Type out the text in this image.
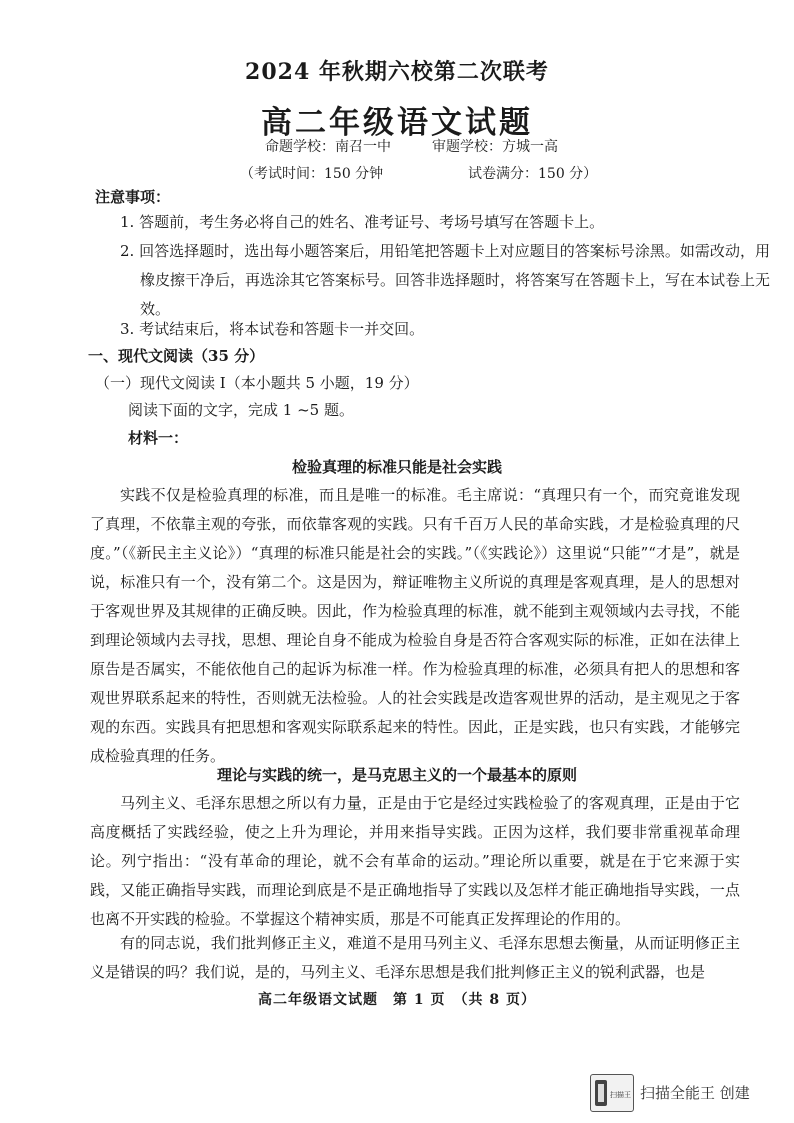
2024 年秋期六校第二次联考
高二年级语文试题
命题学校：南召一中	审题学校：方城一高
（考试时间：150 分钟	试卷满分：150 分）
注意事项：
1. 答题前，考生务必将自己的姓名、准考证号、考场号填写在答题卡上。
2. 回答选择题时，选出每小题答案后，用铅笔把答题卡上对应题目的答案标号涂黑。如需改动，用橡皮擦干净后，再选涂其它答案标号。回答非选择题时，将答案写在答题卡上，写在本试卷上无效。
3. 考试结束后，将本试卷和答题卡一并交回。
一、现代文阅读（35 分）
（一）现代文阅读 Ⅰ（本小题共 5 小题，19 分）
阅读下面的文字，完成 1 ~5 题。
材料一：
检验真理的标准只能是社会实践
实践不仅是检验真理的标准，而且是唯一的标准。毛主席说：“真理只有一个，而究竟谁发现了真理，不依靠主观的夸张，而依靠客观的实践。只有千百万人民的革命实践，才是检验真理的尺度。”（《新民主主义论》）“真理的标准只能是社会的实践。”（《实践论》）这里说“只能”“才是”，就是说，标准只有一个，没有第二个。这是因为，辩证唯物主义所说的真理是客观真理，是人的思想对于客观世界及其规律的正确反映。因此，作为检验真理的标准，就不能到主观领域内去寻找，不能到理论领域内去寻找，思想、理论自身不能成为检验自身是否符合客观实际的标准，正如在法律上原告是否属实，不能依他自己的起诉为标准一样。作为检验真理的标准，必须具有把人的思想和客观世界联系起来的特性，否则就无法检验。人的社会实践是改造客观世界的活动，是主观见之于客观的东西。实践具有把思想和客观实际联系起来的特性。因此，正是实践，也只有实践，才能够完成检验真理的任务。
理论与实践的统一，是马克思主义的一个最基本的原则
马列主义、毛泽东思想之所以有力量，正是由于它是经过实践检验了的客观真理，正是由于它高度概括了实践经验，使之上升为理论，并用来指导实践。正因为这样，我们要非常重视革命理论。列宁指出：“没有革命的理论，就不会有革命的运动。”理论所以重要，就是在于它来源于实践，又能正确指导实践，而理论到底是不是正确地指导了实践以及怎样才能正确地指导实践，一点也离不开实践的检验。不掌握这个精神实质，那是不可能真正发挥理论的作用的。
有的同志说，我们批判修正主义，难道不是用马列主义、毛泽东思想去衡量，从而证明修正主义是错误的吗？我们说，是的，马列主义、毛泽东思想是我们批判修正主义的锐利武器，也是
高二年级语文试题　第 1 页　（共 8 页）
扫描王 扫描全能王 创建
